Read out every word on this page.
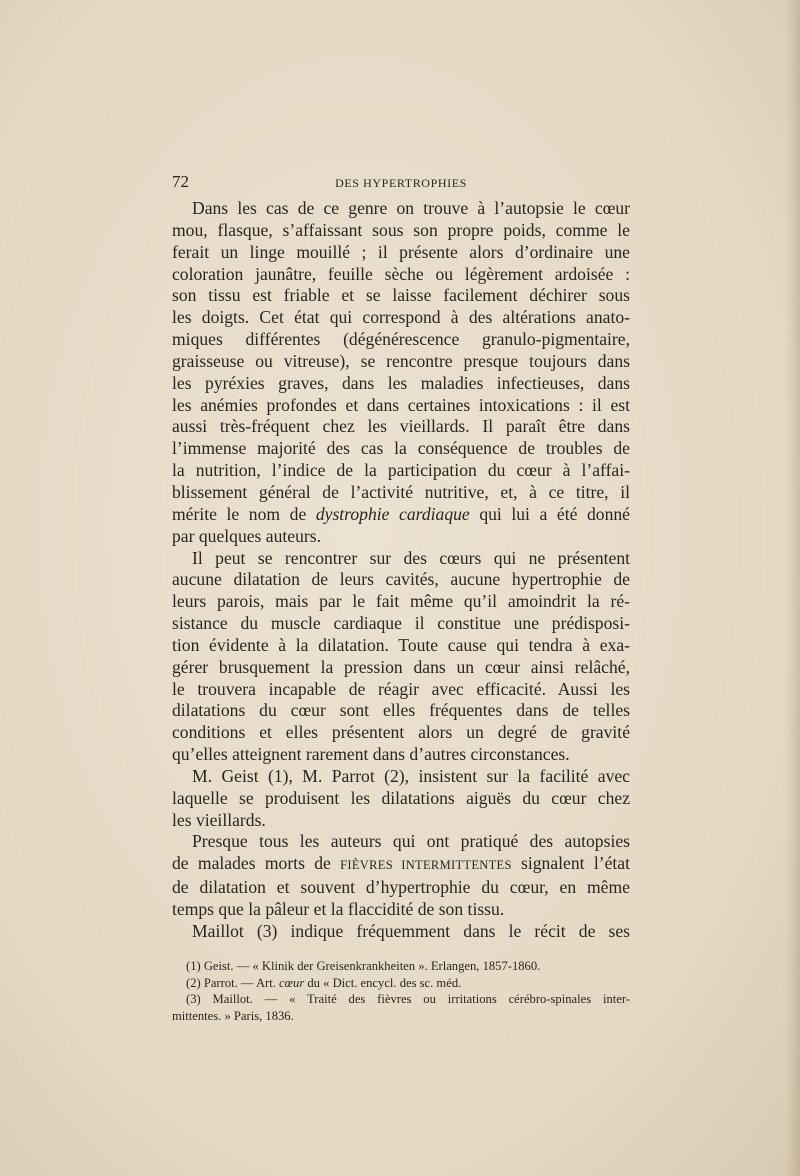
72	DES HYPERTROPHIES
Dans les cas de ce genre on trouve à l’autopsie le cœur
mou, flasque, s’affaissant sous son propre poids, comme le
ferait un linge mouillé ; il présente alors d’ordinaire une
coloration jaunâtre, feuille sèche ou légèrement ardoisée :
son tissu est friable et se laisse facilement déchirer sous
les doigts. Cet état qui correspond à des altérations anato-
miques différentes (dégénérescence granulo-pigmentaire,
graisseuse ou vitreuse), se rencontre presque toujours dans
les pyréxies graves, dans les maladies infectieuses, dans
les anémies profondes et dans certaines intoxications : il est
aussi très-fréquent chez les vieillards. Il paraît être dans
l’immense majorité des cas la conséquence de troubles de
la nutrition, l’indice de la participation du cœur à l’affai-
blissement général de l’activité nutritive, et, à ce titre, il
mérite le nom de dystrophie cardiaque qui lui a été donné
par quelques auteurs.
Il peut se rencontrer sur des cœurs qui ne présentent
aucune dilatation de leurs cavités, aucune hypertrophie de
leurs parois, mais par le fait même qu’il amoindrit la ré-
sistance du muscle cardiaque il constitue une prédisposi-
tion évidente à la dilatation. Toute cause qui tendra à exa-
gérer brusquement la pression dans un cœur ainsi relâché,
le trouvera incapable de réagir avec efficacité. Aussi les
dilatations du cœur sont elles fréquentes dans de telles
conditions et elles présentent alors un degré de gravité
qu’elles atteignent rarement dans d’autres circonstances.
M. Geist (1), M. Parrot (2), insistent sur la facilité avec
laquelle se produisent les dilatations aiguës du cœur chez
les vieillards.
Presque tous les auteurs qui ont pratiqué des autopsies
de malades morts de FIÈVRES INTERMITTENTES signalent l’état
de dilatation et souvent d’hypertrophie du cœur, en même
temps que la pâleur et la flaccidité de son tissu.
Maillot (3) indique fréquemment dans le récit de ses
(1) Geist. — « Klinik der Greisenkrankheiten ». Erlangen, 1857-1860.
(2) Parrot. — Art. cœur du « Dict. encycl. des sc. méd.
(3) Maillot. — « Traité des fièvres ou irritations cérébro-spinales inter-
mittentes. » Paris, 1836.
